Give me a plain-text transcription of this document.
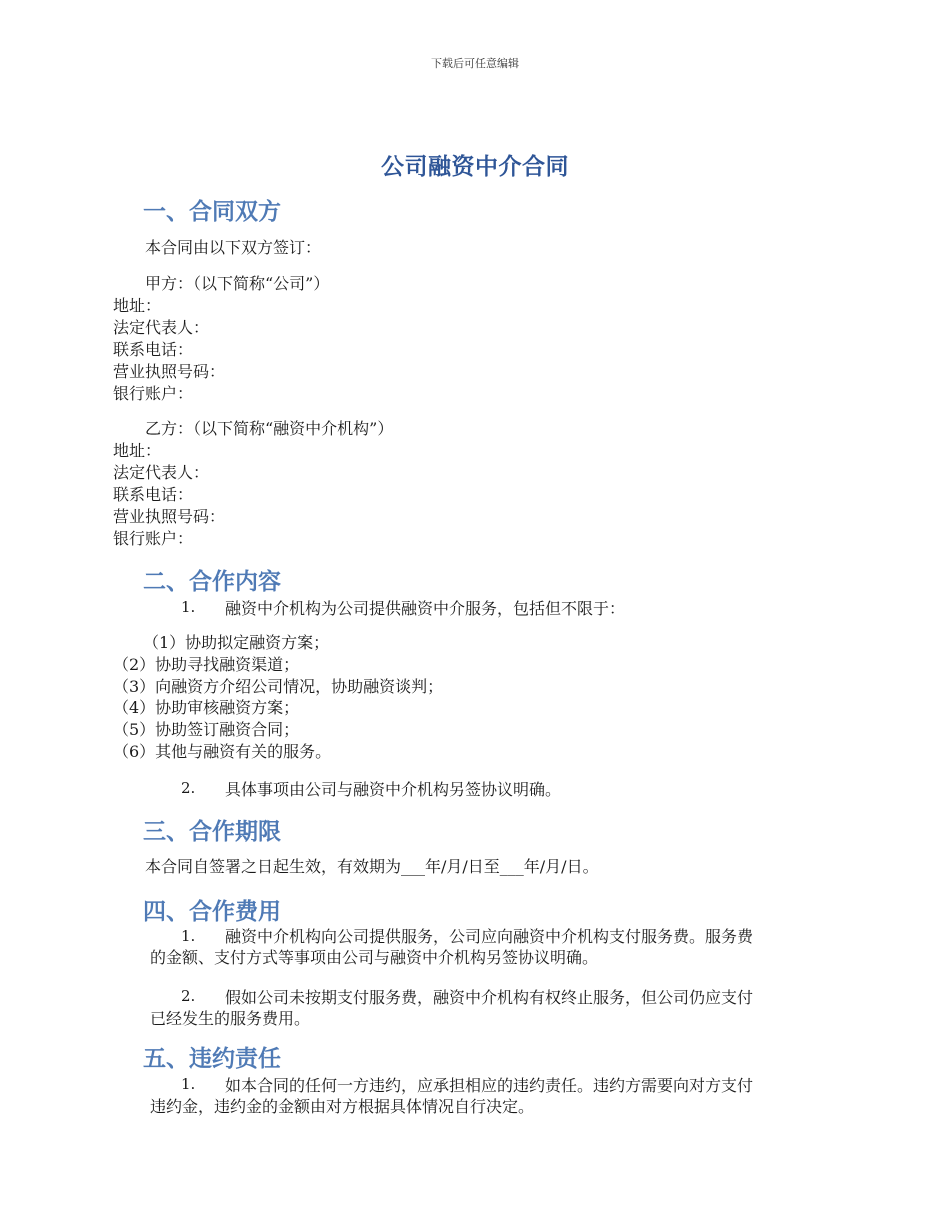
下载后可任意编辑
公司融资中介合同
一、合同双方
本合同由以下双方签订：
甲方：（以下简称“公司”）
地址：
法定代表人：
联系电话：
营业执照号码：
银行账户：
乙方：（以下简称“融资中介机构”）
地址：
法定代表人：
联系电话：
营业执照号码：
银行账户：
二、合作内容
1. 融资中介机构为公司提供融资中介服务，包括但不限于：
（1）协助拟定融资方案；
（2）协助寻找融资渠道；
（3）向融资方介绍公司情况，协助融资谈判；
（4）协助审核融资方案；
（5）协助签订融资合同；
（6）其他与融资有关的服务。
2. 具体事项由公司与融资中介机构另签协议明确。
三、合作期限
本合同自签署之日起生效，有效期为___年/月/日至___年/月/日。
四、合作费用
1. 融资中介机构向公司提供服务，公司应向融资中介机构支付服务费。服务费
的金额、支付方式等事项由公司与融资中介机构另签协议明确。
2. 假如公司未按期支付服务费，融资中介机构有权终止服务，但公司仍应支付
已经发生的服务费用。
五、违约责任
1. 如本合同的任何一方违约，应承担相应的违约责任。违约方需要向对方支付
违约金，违约金的金额由对方根据具体情况自行决定。
